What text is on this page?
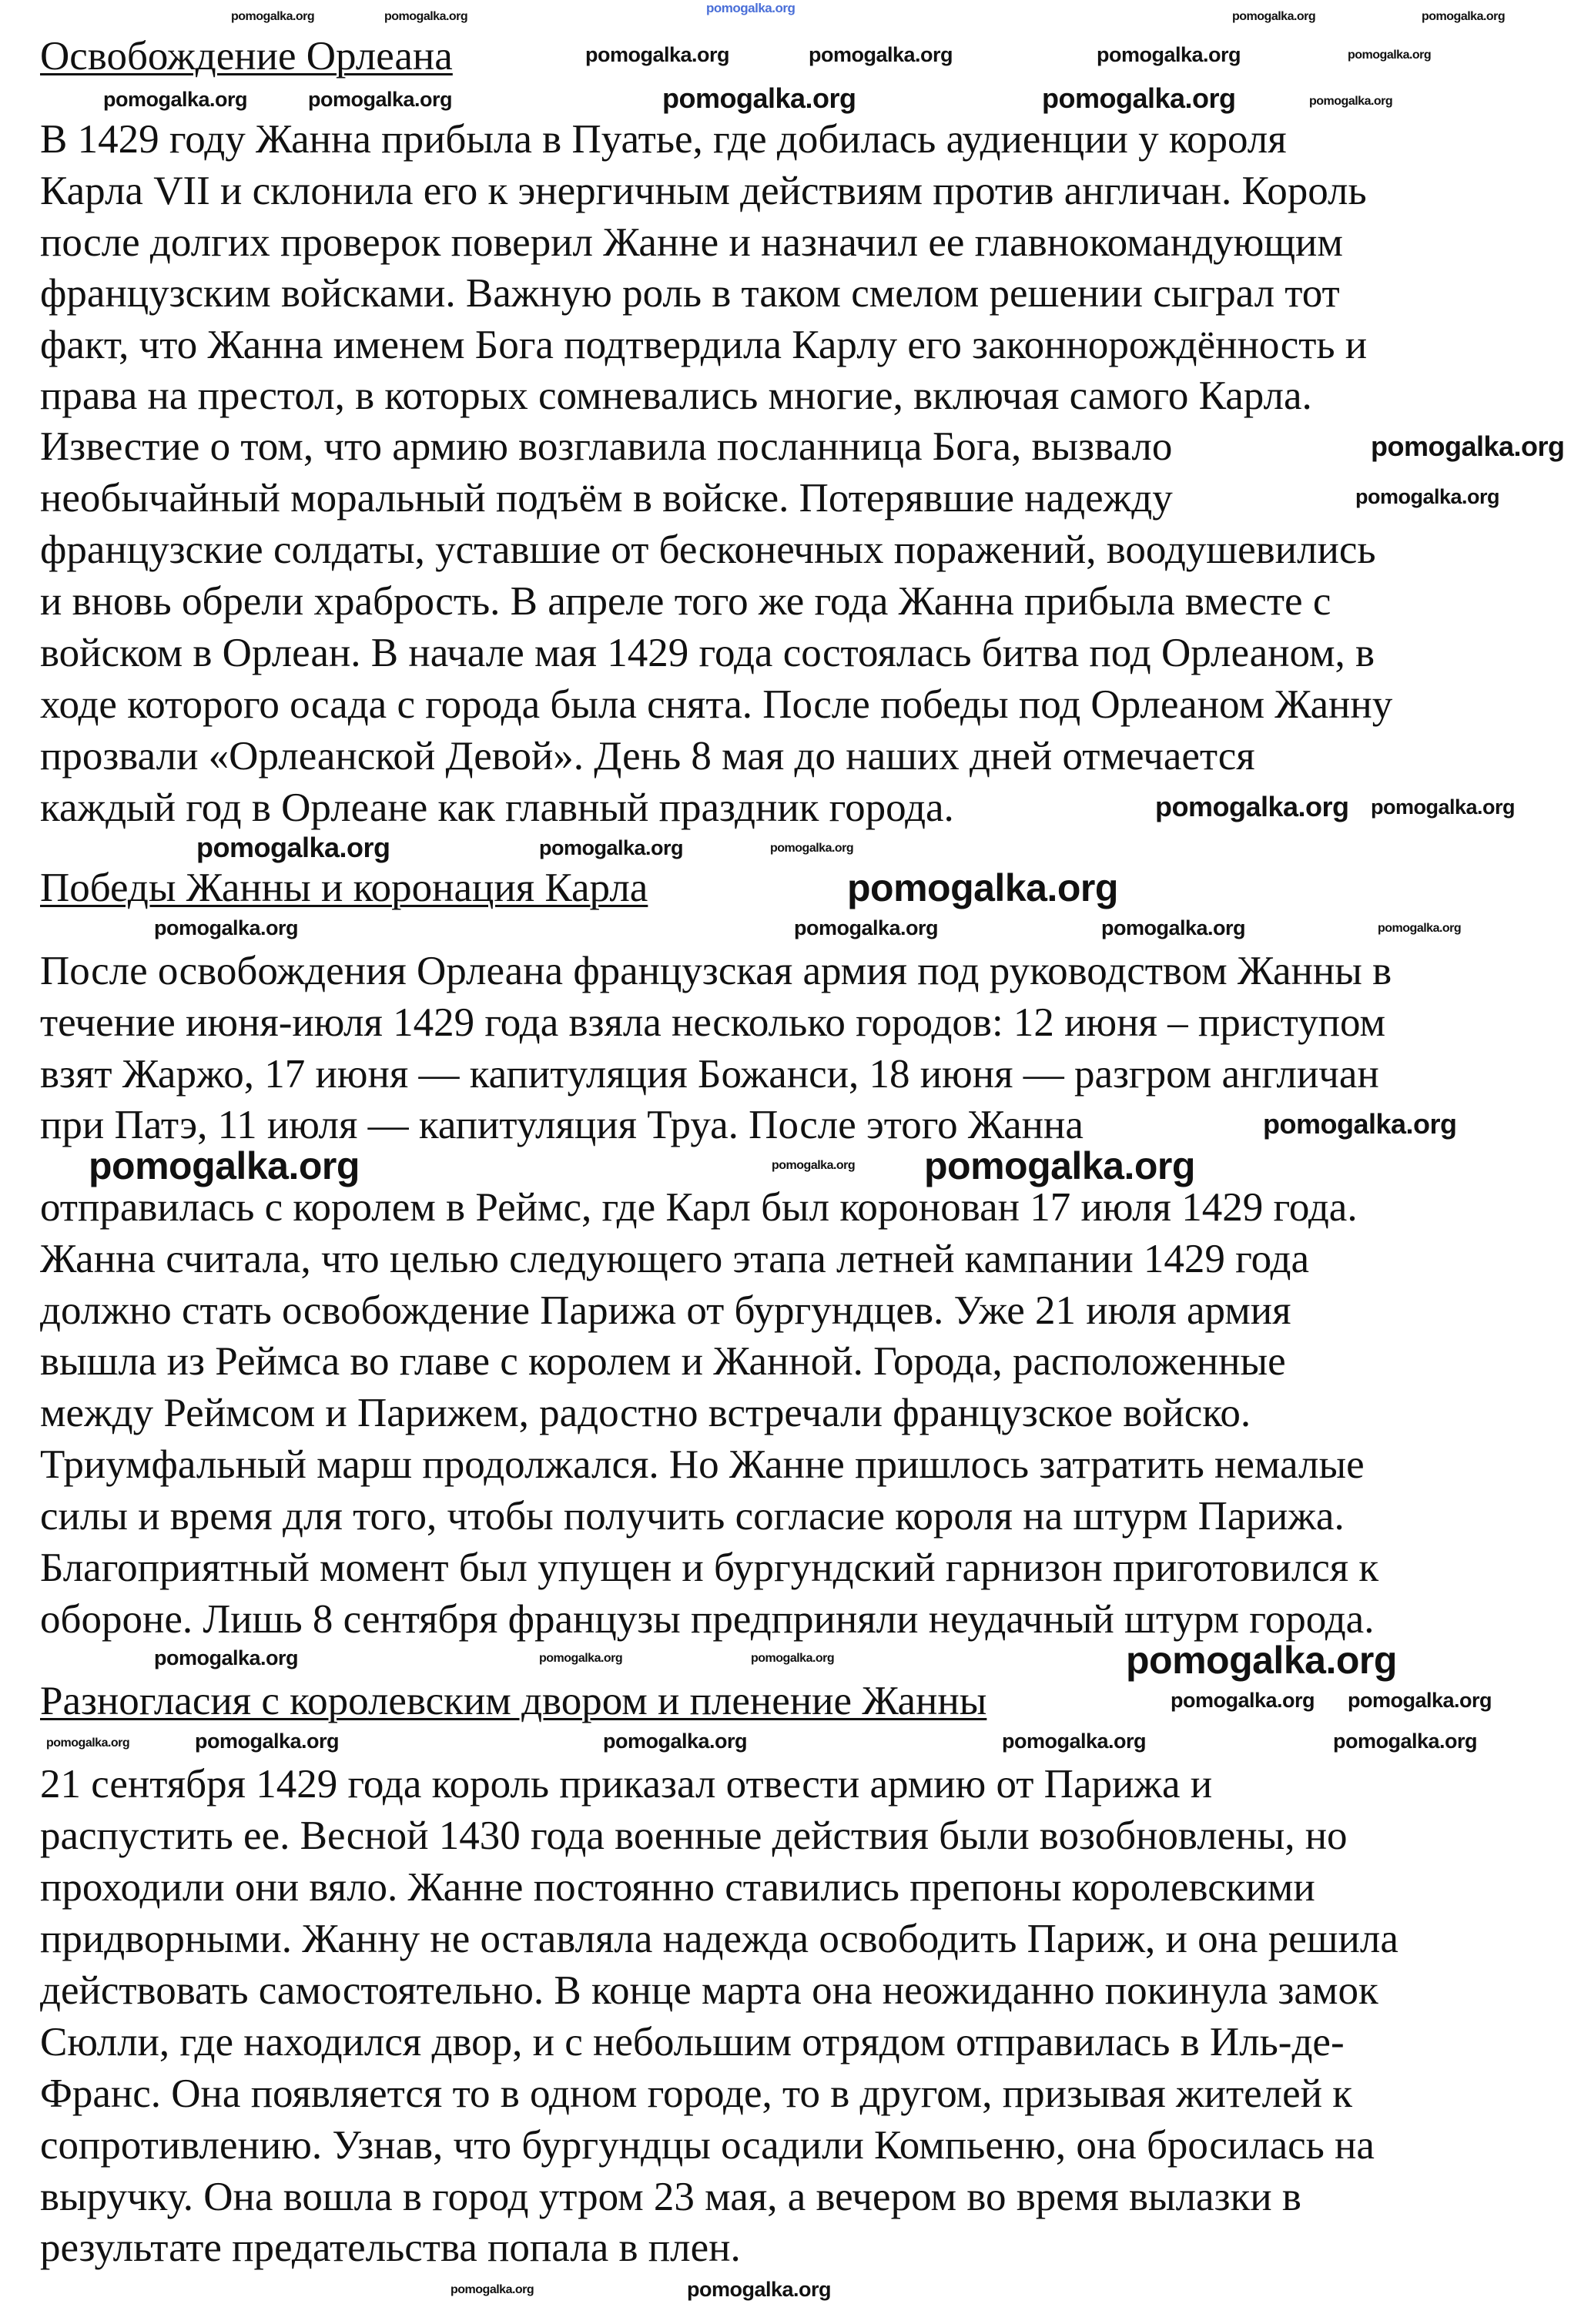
Освобождение Орлеана
В 1429 году Жанна прибыла в Пуатье, где добилась аудиенции у короля
Карла VII и склонила его к энергичным действиям против англичан. Король
после долгих проверок поверил Жанне и назначил ее главнокомандующим
французским войсками. Важную роль в таком смелом решении сыграл тот
факт, что Жанна именем Бога подтвердила Карлу его законнорождённость и
права на престол, в которых сомневались многие, включая самого Карла.
Известие о том, что армию возглавила посланница Бога, вызвало
необычайный моральный подъём в войске. Потерявшие надежду
французские солдаты, уставшие от бесконечных поражений, воодушевились
и вновь обрели храбрость. В апреле того же года Жанна прибыла вместе с
войском в Орлеан. В начале мая 1429 года состоялась битва под Орлеаном, в
ходе которого осада с города была снята. После победы под Орлеаном Жанну
прозвали «Орлеанской Девой». День 8 мая до наших дней отмечается
каждый год в Орлеане как главный праздник города.
Победы Жанны и коронация Карла
После освобождения Орлеана французская армия под руководством Жанны в
течение июня-июля 1429 года взяла несколько городов: 12 июня – приступом
взят Жаржо, 17 июня — капитуляция Божанси, 18 июня — разгром англичан
при Патэ, 11 июля — капитуляция Труа. После этого Жанна
отправилась с королем в Реймс, где Карл был коронован 17 июля 1429 года.
Жанна считала, что целью следующего этапа летней кампании 1429 года
должно стать освобождение Парижа от бургундцев. Уже 21 июля армия
вышла из Реймса во главе с королем и Жанной. Города, расположенные
между Реймсом и Парижем, радостно встречали французское войско.
Триумфальный марш продолжался. Но Жанне пришлось затратить немалые
силы и время для того, чтобы получить согласие короля на штурм Парижа.
Благоприятный момент был упущен и бургундский гарнизон приготовился к
обороне. Лишь 8 сентября французы предприняли неудачный штурм города.
Разногласия с королевским двором и пленение Жанны
21 сентября 1429 года король приказал отвести армию от Парижа и
распустить ее. Весной 1430 года военные действия были возобновлены, но
проходили они вяло. Жанне постоянно ставились препоны королевскими
придворными. Жанну не оставляла надежда освободить Париж, и она решила
действовать самостоятельно. В конце марта она неожиданно покинула замок
Сюлли, где находился двор, и с небольшим отрядом отправилась в Иль-де-
Франс. Она появляется то в одном городе, то в другом, призывая жителей к
сопротивлению. Узнав, что бургундцы осадили Компьеню, она бросилась на
выручку. Она вошла в город утром 23 мая, а вечером во время вылазки в
результате предательства попала в плен.
pomogalka.org
pomogalka.org	pomogalka.org	pomogalka.org	pomogalka.org
pomogalka.org	pomogalka.org	pomogalka.org	pomogalka.org
pomogalka.org	pomogalka.org	pomogalka.org	pomogalka.org	pomogalka.org
pomogalka.org
pomogalka.org
pomogalka.org pomogalka.org
pomogalka.org	pomogalka.org	pomogalka.org
pomogalka.org
pomogalka.org	pomogalka.org	pomogalka.org	pomogalka.org
pomogalka.org
pomogalka.org	pomogalka.org pomogalka.org
pomogalka.org	pomogalka.org	pomogalka.org	pomogalka.org
pomogalka.org pomogalka.org
pomogalka.org	pomogalka.org	pomogalka.org	pomogalka.org	pomogalka.org
pomogalka.org	pomogalka.org
